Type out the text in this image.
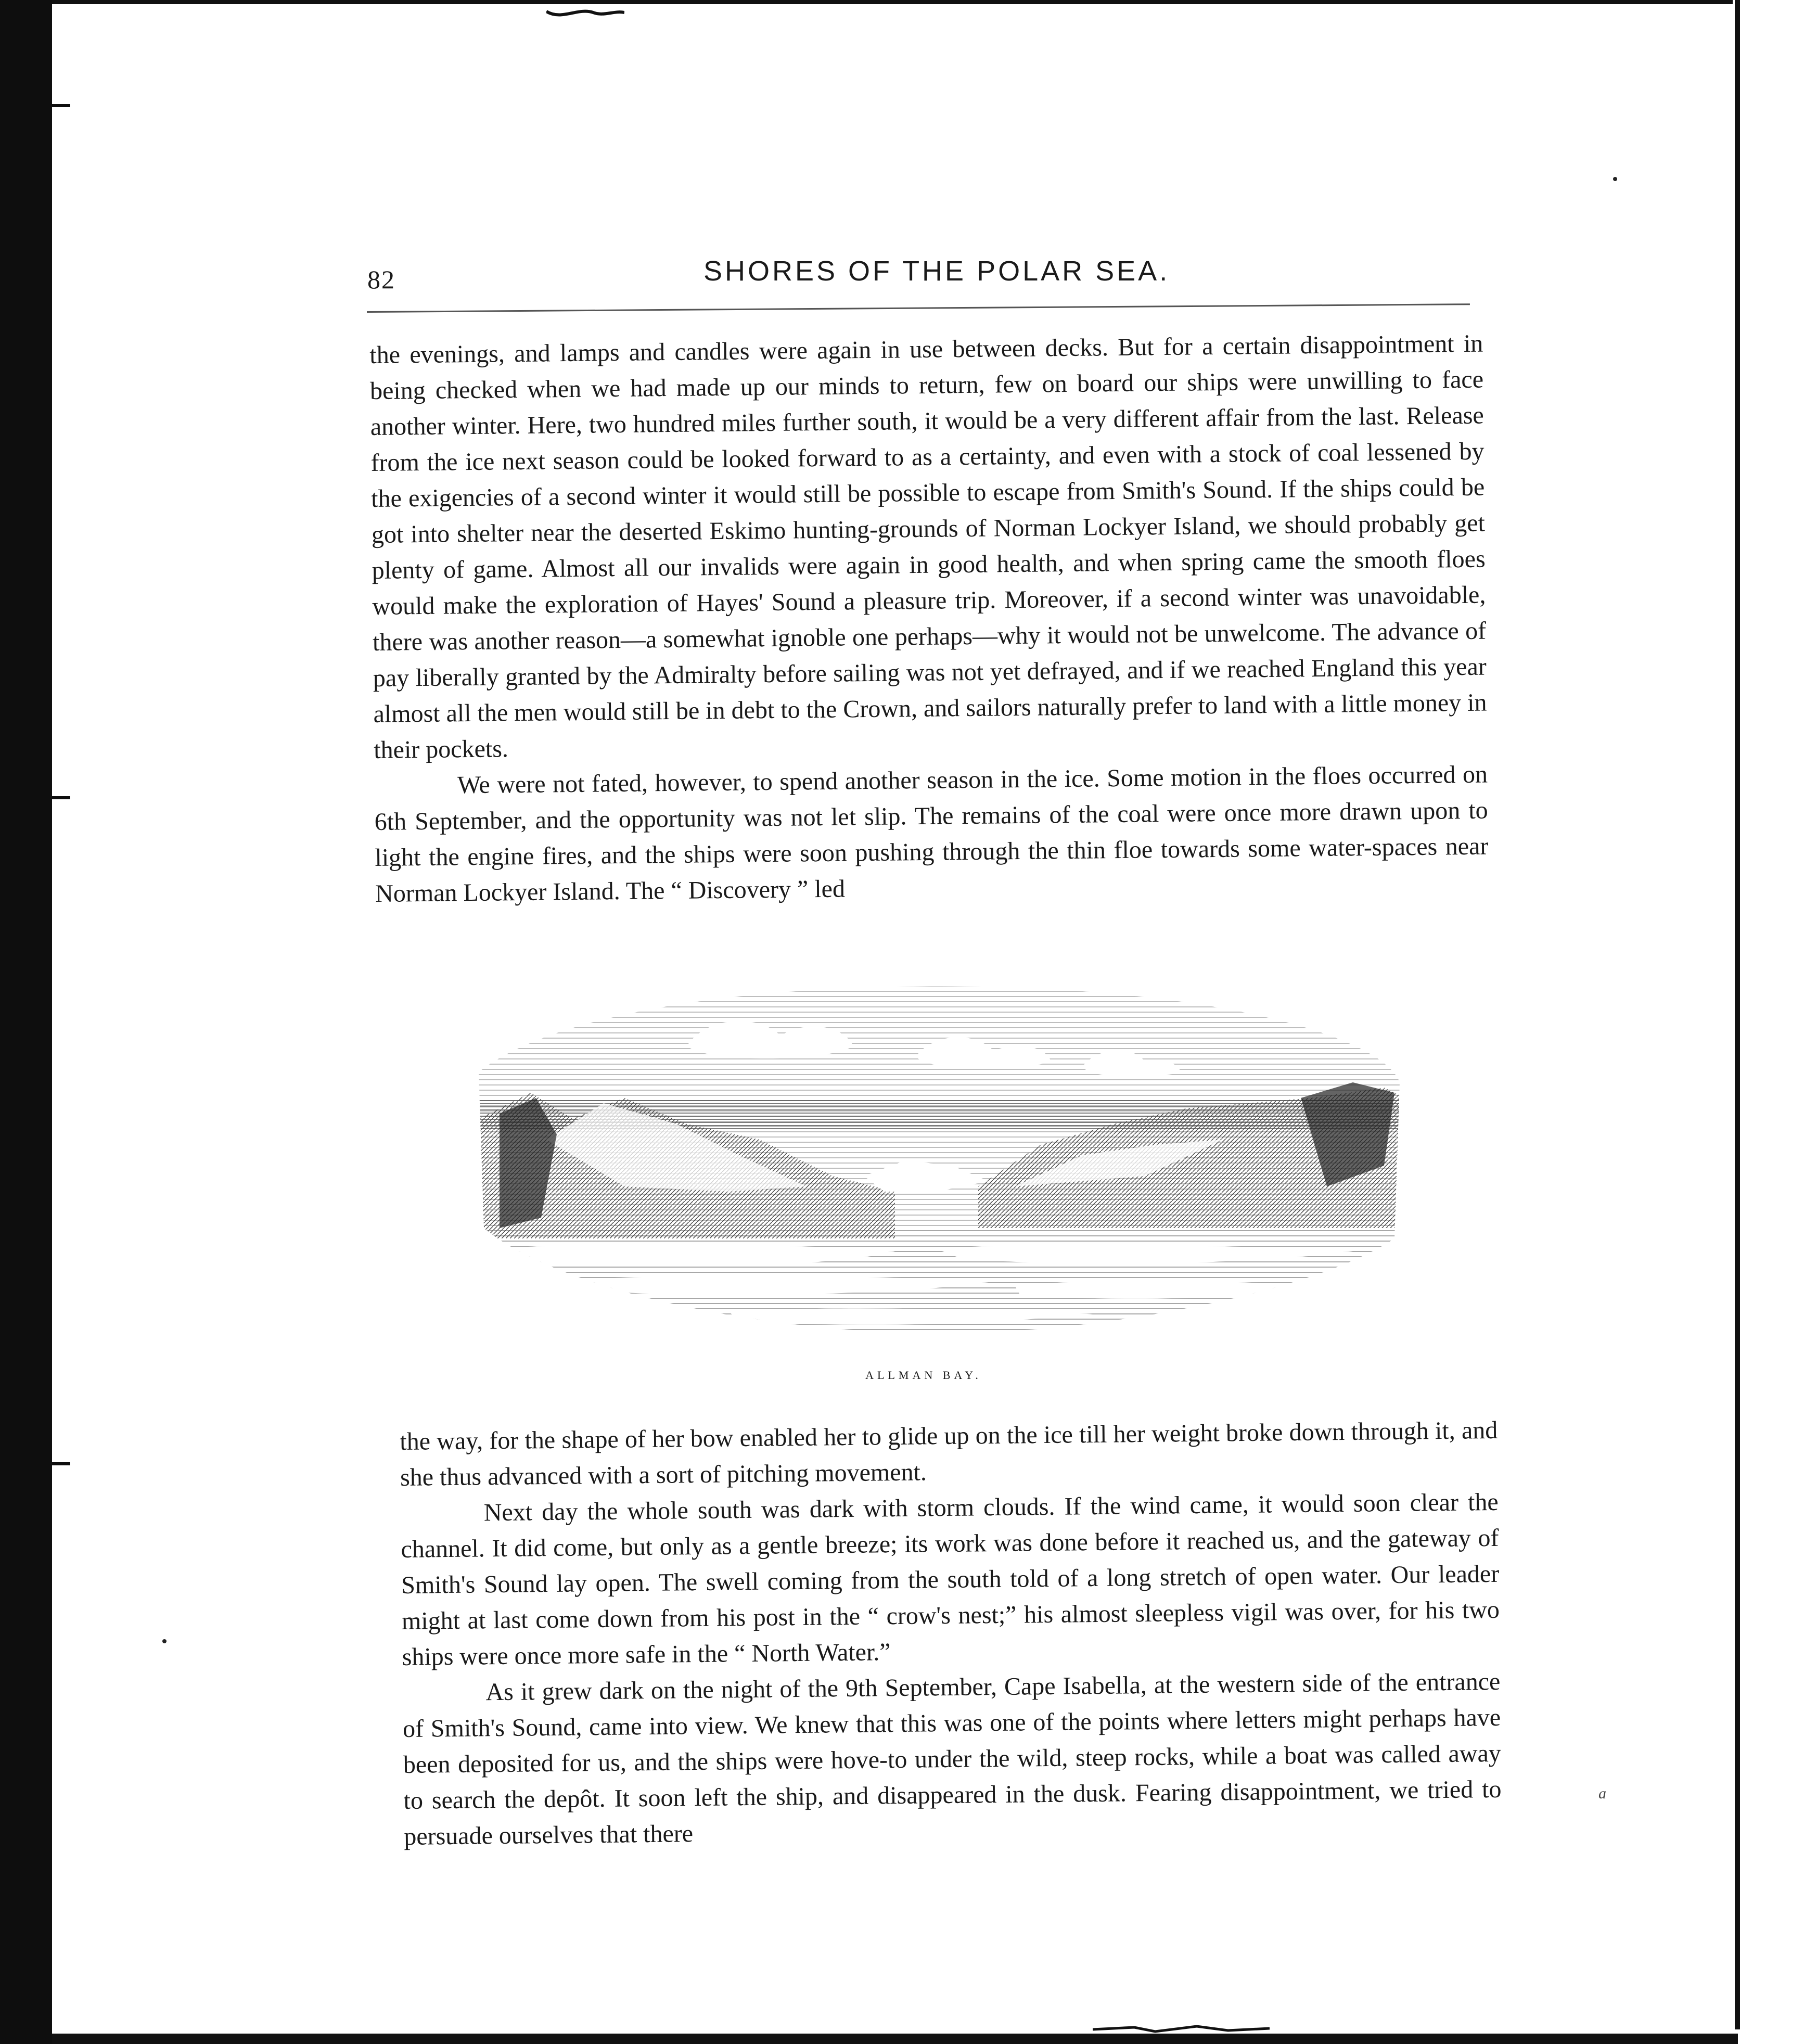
82	SHORES OF THE POLAR SEA.

the evenings, and lamps and candles were again in use between decks. But for a certain disappointment in being checked when we had made up our minds to return, few on board our ships were unwilling to face another winter. Here, two hundred miles further south, it would be a very different affair from the last. Release from the ice next season could be looked forward to as a certainty, and even with a stock of coal lessened by the exigencies of a second winter it would still be possible to escape from Smith's Sound. If the ships could be got into shelter near the deserted Eskimo hunting-grounds of Norman Lockyer Island, we should probably get plenty of game. Almost all our invalids were again in good health, and when spring came the smooth floes would make the exploration of Hayes' Sound a pleasure trip. Moreover, if a second winter was unavoidable, there was another reason—a somewhat ignoble one perhaps—why it would not be unwelcome. The advance of pay liberally granted by the Admiralty before sailing was not yet defrayed, and if we reached England this year almost all the men would still be in debt to the Crown, and sailors naturally prefer to land with a little money in their pockets.

We were not fated, however, to spend another season in the ice. Some motion in the floes occurred on 6th September, and the opportunity was not let slip. The remains of the coal were once more drawn upon to light the engine fires, and the ships were soon pushing through the thin floe towards some water-spaces near Norman Lockyer Island. The “ Discovery ” led

ALLMAN BAY.

the way, for the shape of her bow enabled her to glide up on the ice till her weight broke down through it, and she thus advanced with a sort of pitching movement.

Next day the whole south was dark with storm clouds. If the wind came, it would soon clear the channel. It did come, but only as a gentle breeze; its work was done before it reached us, and the gateway of Smith's Sound lay open. The swell coming from the south told of a long stretch of open water. Our leader might at last come down from his post in the “ crow's nest;” his almost sleepless vigil was over, for his two ships were once more safe in the “ North Water.”

As it grew dark on the night of the 9th September, Cape Isabella, at the western side of the entrance of Smith's Sound, came into view. We knew that this was one of the points where letters might perhaps have been deposited for us, and the ships were hove-to under the wild, steep rocks, while a boat was called away to search the depôt. It soon left the ship, and disappeared in the dusk. Fearing disappointment, we tried to persuade ourselves that there

a
